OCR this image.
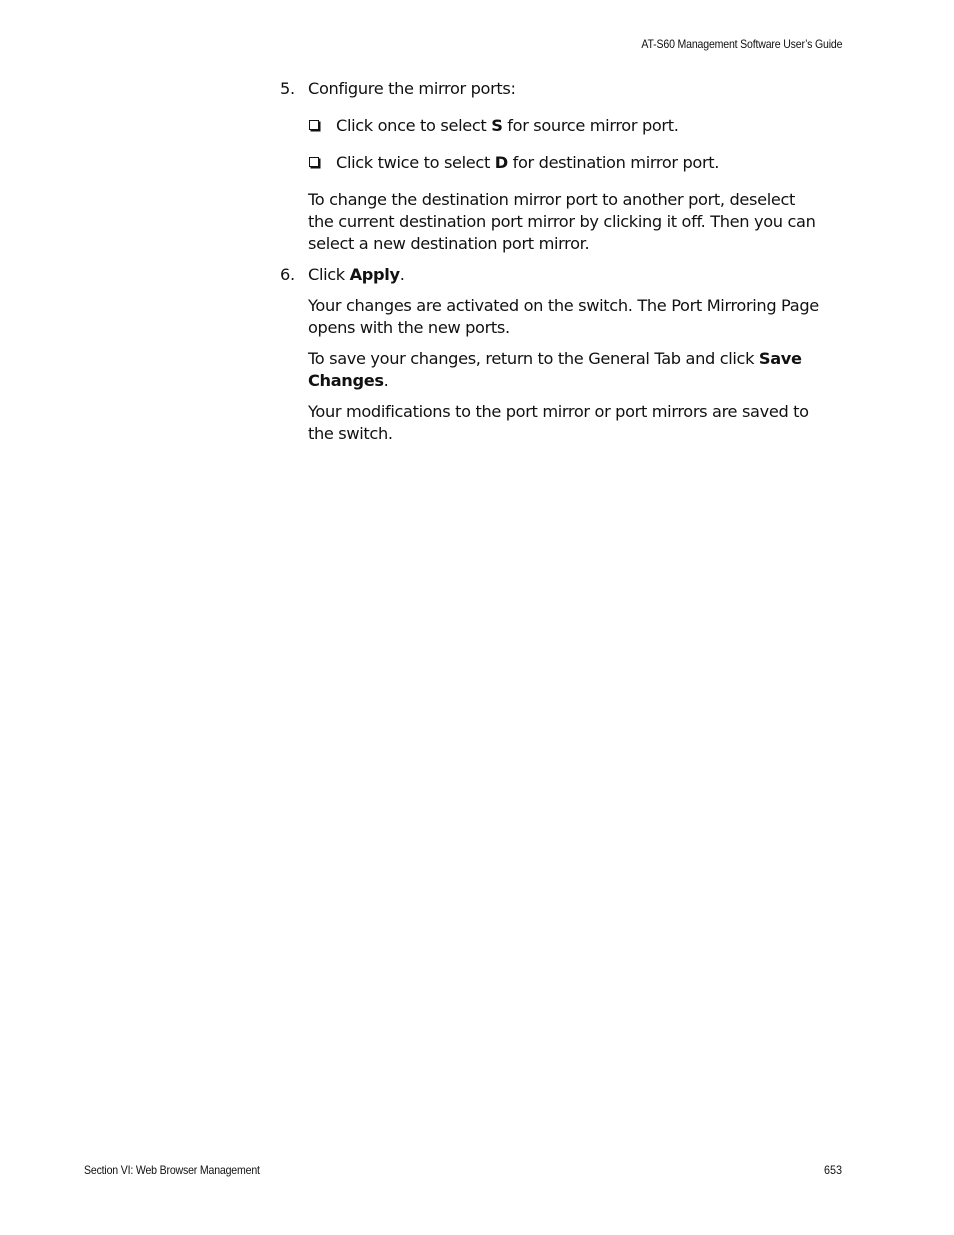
AT-S60 Management Software User’s Guide
5. Configure the mirror ports:

Click once to select S for source mirror port.
Click twice to select D for destination mirror port.

To change the destination mirror port to another port, deselect the current destination port mirror by clicking it off. Then you can select a new destination port mirror.

6. Click Apply.

Your changes are activated on the switch. The Port Mirroring Page opens with the new ports.

To save your changes, return to the General Tab and click Save Changes.

Your modifications to the port mirror or port mirrors are saved to the switch.

Section VI: Web Browser Management	653
